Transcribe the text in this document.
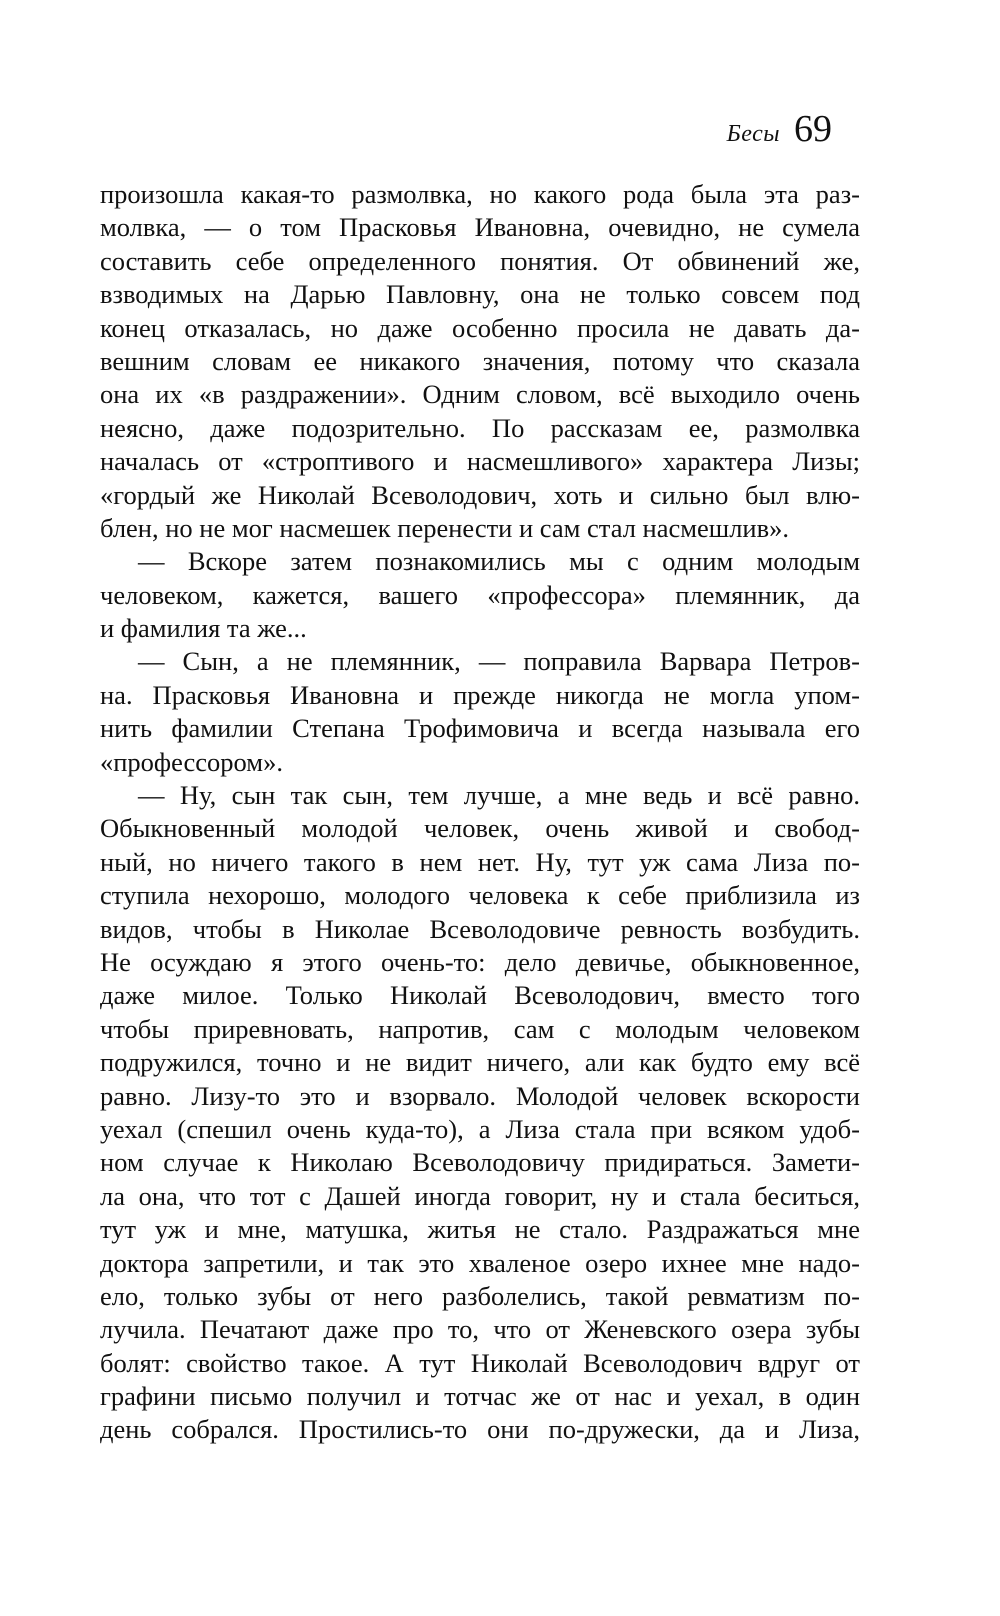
Бесы 69
произошла какая-то размолвка, но какого рода была эта раз-
молвка, — о том Прасковья Ивановна, очевидно, не сумела
составить себе определенного понятия. От обвинений же,
взводимых на Дарью Павловну, она не только совсем под
конец отказалась, но даже особенно просила не давать да-
вешним словам ее никакого значения, потому что сказала
она их «в раздражении». Одним словом, всё выходило очень
неясно, даже подозрительно. По рассказам ее, размолвка
началась от «строптивого и насмешливого» характера Лизы;
«гордый же Николай Всеволодович, хоть и сильно был влю-
блен, но не мог насмешек перенести и сам стал насмешлив».
— Вскоре затем познакомились мы с одним молодым
человеком, кажется, вашего «профессора» племянник, да
и фамилия та же...
— Сын, а не племянник, — поправила Варвара Петров-
на. Прасковья Ивановна и прежде никогда не могла упом-
нить фамилии Степана Трофимовича и всегда называла его
«профессором».
— Ну, сын так сын, тем лучше, а мне ведь и всё равно.
Обыкновенный молодой человек, очень живой и свобод-
ный, но ничего такого в нем нет. Ну, тут уж сама Лиза по-
ступила нехорошо, молодого человека к себе приблизила из
видов, чтобы в Николае Всеволодовиче ревность возбудить.
Не осуждаю я этого очень-то: дело девичье, обыкновенное,
даже милое. Только Николай Всеволодович, вместо того
чтобы приревновать, напротив, сам с молодым человеком
подружился, точно и не видит ничего, али как будто ему всё
равно. Лизу-то это и взорвало. Молодой человек вскорости
уехал (спешил очень куда-то), а Лиза стала при всяком удоб-
ном случае к Николаю Всеволодовичу придираться. Замети-
ла она, что тот с Дашей иногда говорит, ну и стала беситься,
тут уж и мне, матушка, житья не стало. Раздражаться мне
доктора запретили, и так это хваленое озеро ихнее мне надо-
ело, только зубы от него разболелись, такой ревматизм по-
лучила. Печатают даже про то, что от Женевского озера зубы
болят: свойство такое. А тут Николай Всеволодович вдруг от
графини письмо получил и тотчас же от нас и уехал, в один
день собрался. Простились-то они по-дружески, да и Лиза,
